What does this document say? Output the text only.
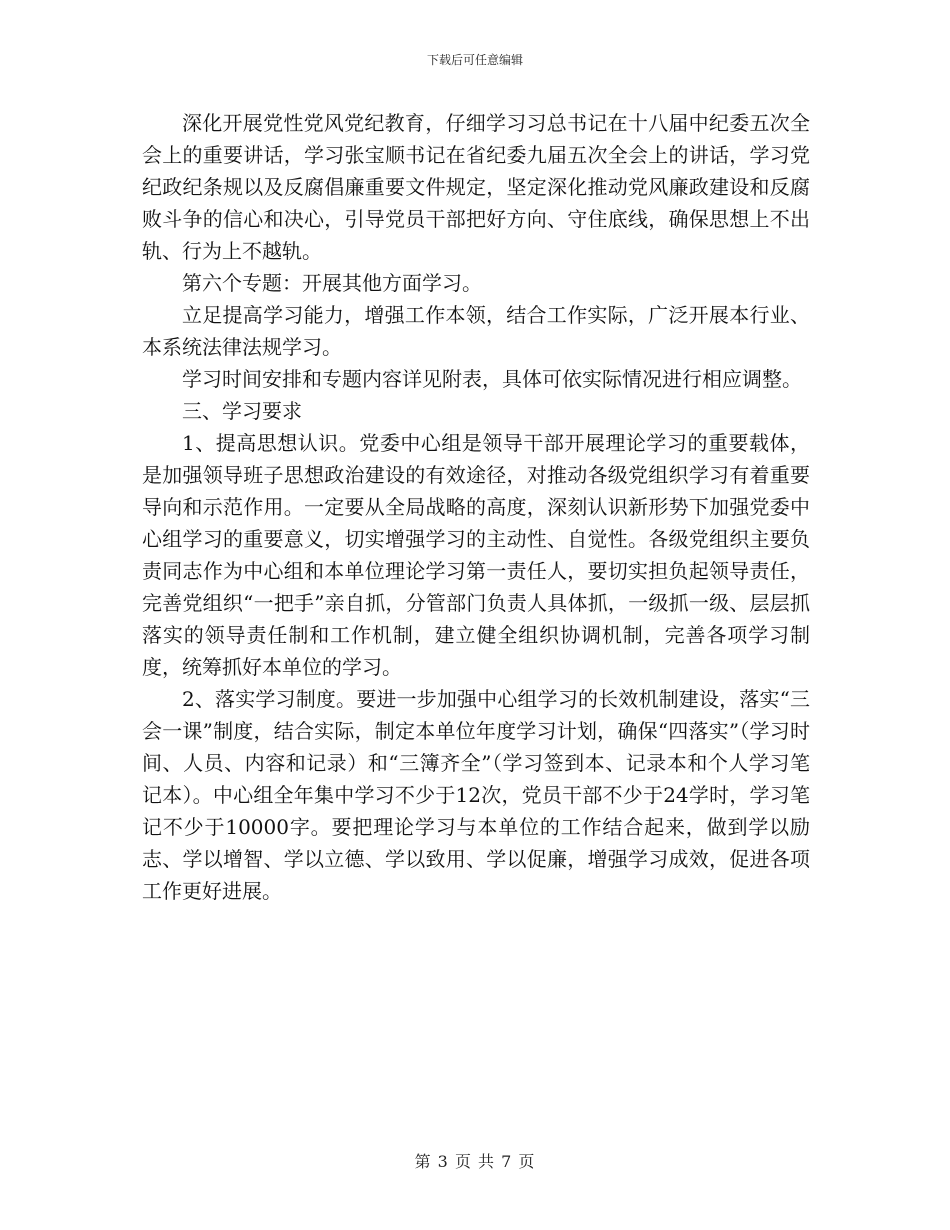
下载后可任意编辑

深化开展党性党风党纪教育，仔细学习习总书记在十八届中纪委五次全会上的重要讲话，学习张宝顺书记在省纪委九届五次全会上的讲话，学习党纪政纪条规以及反腐倡廉重要文件规定，坚定深化推动党风廉政建设和反腐败斗争的信心和决心，引导党员干部把好方向、守住底线，确保思想上不出轨、行为上不越轨。

第六个专题：开展其他方面学习。

立足提高学习能力，增强工作本领，结合工作实际，广泛开展本行业、本系统法律法规学习。

学习时间安排和专题内容详见附表，具体可依实际情况进行相应调整。

三、学习要求

1、提高思想认识。党委中心组是领导干部开展理论学习的重要载体，是加强领导班子思想政治建设的有效途径，对推动各级党组织学习有着重要导向和示范作用。一定要从全局战略的高度，深刻认识新形势下加强党委中心组学习的重要意义，切实增强学习的主动性、自觉性。各级党组织主要负责同志作为中心组和本单位理论学习第一责任人，要切实担负起领导责任，完善党组织“一把手”亲自抓，分管部门负责人具体抓，一级抓一级、层层抓落实的领导责任制和工作机制，建立健全组织协调机制，完善各项学习制度，统筹抓好本单位的学习。

2、落实学习制度。要进一步加强中心组学习的长效机制建设，落实“三会一课”制度，结合实际，制定本单位年度学习计划，确保“四落实”（学习时间、人员、内容和记录）和“三簿齐全”（学习签到本、记录本和个人学习笔记本）。中心组全年集中学习不少于12次，党员干部不少于24学时，学习笔记不少于10000字。要把理论学习与本单位的工作结合起来，做到学以励志、学以增智、学以立德、学以致用、学以促廉，增强学习成效，促进各项工作更好进展。

第 3 页 共 7 页
